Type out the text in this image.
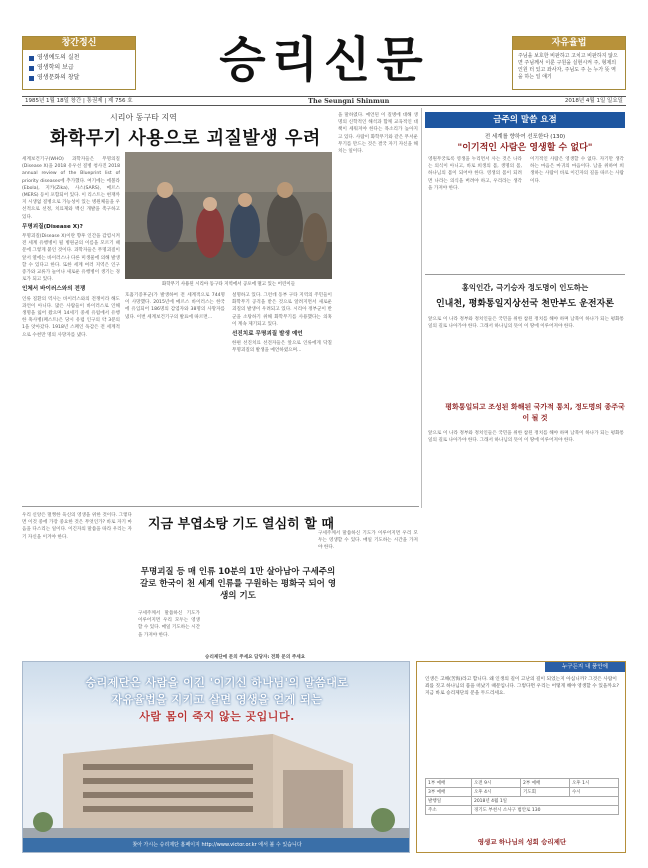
창간정신
영생예도의 실천
영생학의 보급
영생문화의 창달	승리신문	자유율법
주님을 보호한 비판하고 고치고 비판하지 않으면 주님께서 이룬 구원을 실현시켜 주, 형제의 인원 터 있고 좌사자, 주님도 주 는 누가 뜻 역을 하는 일 얘기
1985년 1월 18일 창간 | 통권제 | 제 756 호	The Seungni Shinmun	2018년 4월 1일 일요일
시리아 동구타 지역
화학무기 사용으로 괴질발생 우려

세계보건기구(WHO) 과학자들은 무명의질(Disease X)을 2018 유우선 질병 청사진 2018 annual review of the Blueprint list of priority diseases에 추가했다. 여기에는 에볼라(Ebola), 지카(Zika), 사스(SARS), 메르스(MERS) 등이 포함되어 있다. 이 리스트는 현재까지 시생없 질병으로 가능성이 있는 병원체들을 우선적으로 선정, 치료제와 백신 개발을 촉구하고 있다.

무명괴질(Disease X)?

무명괴질(Disease X)이란 향후 인간을 감염시켜 전 세계 유행병이 될 병원균의 이름을 모르기 때문에 그렇게 붙인 것이다. 과학자들은 무명괴질이 앞서 열에는 바이러스나 다른 미생물에 의해 발생할 수 있다고 한다. 또한 세계 여러 지역은 인구 증가와 교류가 늘어나 새로운 유행병이 생기는 경로가 되고 있다.

인체서 바이러스와의 전쟁

인류 질환의 역사는 바이러스와의 전쟁이라 해도 과언이 아니다. 많은 사람들이 바이러스로 인해 생명을 잃어 왔으며 14세기 중세 유럽에서 유행한 흑사병(페스트)은 당시 유럽 인구의 약 3분의 1을 앗아갔다. 1918년 스페인 독감은 전 세계적으로 수천만 명의 사망자를 냈다.

화학무기 사용된 시리아 동구타 지역에서 공포에 떨고 있는 어린이들

호흡기증후군)가 발생하여 전 세계적으로 744명이 사망했다. 2015년에 메르스 바이러스는 한국에 유입되어 186명의 감염자와 38명의 사망자를 냈다. 이번 세계보건기구의 발표에 따르면...

설명하고 있다. 그런데 동부 구타 지역의 주민들이 화학무기 공격을 받은 것으로 알려지면서 새로운 괴질의 발생이 우려되고 있다. 시리아 정부군이 반군을 소탕하기 위해 화학무기를 사용했다는 의혹이 계속 제기되고 있다.

선진치료 무명괴질 발생 예언

한편 선진치료 선견자들은 앞으로 인류에게 닥칠 무명괴질의 발생을 예언하였으며...

을 말하였다. 예언된 이 질병에 대해 생명의 신학적인 해석과 함께 교육적인 대책이 세워져야 한다는 목소리가 높아지고 있다. 사람이 화학무기와 같은 무서운 무기를 만드는 것은 결국 자기 자신을 해치는 일이다.

금주의 말씀 요점
전 세계를 향하여 선포한다 (130)
"이기적인 사람은 영생할 수 없다"

영원무궁토록 영생을 누리면서 사는 것은 나라는 의식이 아니고, 바로 희생의 몸, 생명의 몸, 하나님의 몸이 되어야 한다. 영생의 몸이 되려면 나라는 의식을 버려야 하고, 우리라는 생각을 가져야 한다.

이기적인 사람은 영생할 수 없다. 자기만 생각하는 마음은 마귀의 마음이다. 남을 위하여 희생하는 사람이 바로 이긴자의 길을 따르는 사람이다.

홍익인간, 극기승자 정도명이 인도하는
인내천, 평화통일지상선국 천만부도 운전자론

앞으로 이 나라 정부와 정치인들은 국민을 위한 참된 정치를 해야 하며 남북이 하나가 되는 평화통일의 길로 나아가야 한다. 그래서 하나님의 뜻이 이 땅에 이루어져야 한다.

평화통일되고 조성된 화해된 국가적 통치, 정도명의 종주국이 될 것

앞으로 이 나라 정부와 정치인들은 국민을 위한 참된 정치를 해야 하며 남북이 하나가 되는 평화통일의 길로 나아가야 한다. 그래서 하나님의 뜻이 이 땅에 이루어져야 한다.

우리 신앙은 멀쩡한 육신의 영생을 위한 것이다. 그렇다면 이것 중에 가장 중요한 것은 무엇인가? 바로 자기 마음을 다스리는 일이다. 이긴자의 말씀을 따라 우리는 자기 자신을 이겨야 한다.

지금 부엽소탕 기도 열심히 할 때
무명괴질 등 매 인류 10분의 1만 살아남아 구세주의 갈로 한국이 천 세계 인류를 구원하는 평화국 되어 영생의 기도

구세주께서 말씀하신 기도가 이루어지면 우리 모두는 영생할 수 있다. 매일 기도하는 시간을 가져야 한다.

승리제단에 문의 주세요 담당자: 전화 문의 주세요

구세주께서 말씀하신 기도가 이루어지면 우리 모두는 영생할 수 있다. 매일 기도하는 시간을 가져야 한다.

승리제단은 사람을 이긴 '이기신 하나님'의 말씀대로
자유율법을 지키고 살면 영생을 얻게 되는
사람 몸이 죽지 않는 곳입니다.
찾아 가시는 승리제단 홈페이지 http://www.victor.or.kr 에서 볼 수 있습니다
누구든지 내 품안에
인생은 고해(苦海)라고 합니다. 왜 인생의 길이 고난의 길이 되었는지 아십니까? 그것은 사람이 죄를 짓고 하나님의 품을 떠났기 때문입니다. 그렇다면 우리는 어떻게 해야 영생할 수 있을까요? 지금 바로 승리제단의 문을 두드리세요.
1부 예배	오전 9시	2부 예배	오후 1시
3부 예배	오후 4시	기도회	수시
발행일	2018년 4월 1일		
주소	경기도 부천시 소사구 범안로 130		
영생교 하나님의 성회 승리제단
